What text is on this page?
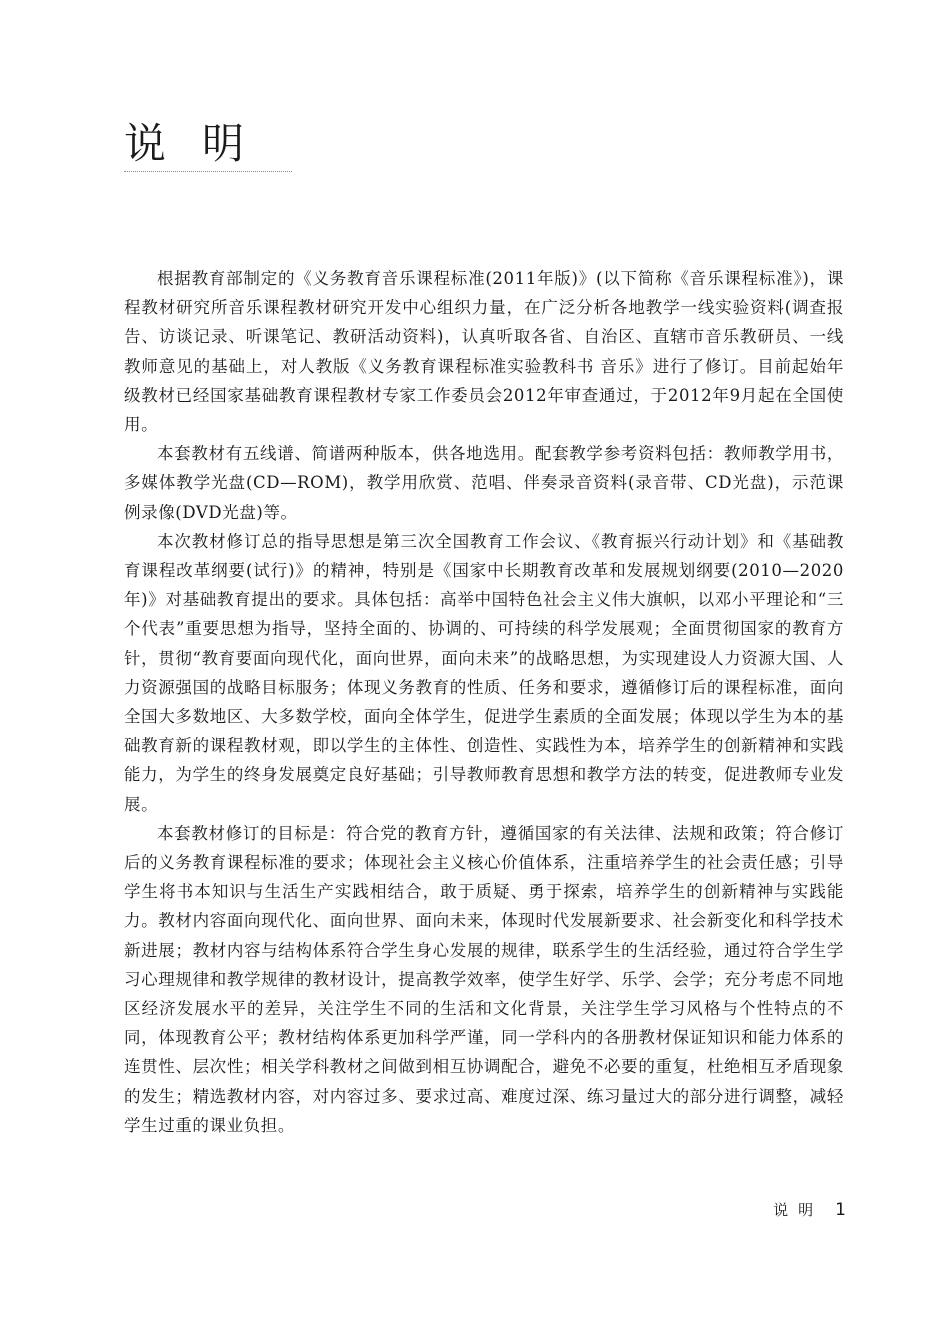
说明

根据教育部制定的《义务教育音乐课程标准(2011年版)》(以下简称《音乐课程标准》)，课程教材研究所音乐课程教材研究开发中心组织力量，在广泛分析各地教学一线实验资料(调查报告、访谈记录、听课笔记、教研活动资料)，认真听取各省、自治区、直辖市音乐教研员、一线教师意见的基础上，对人教版《义务教育课程标准实验教科书 音乐》进行了修订。目前起始年级教材已经国家基础教育课程教材专家工作委员会2012年审查通过，于2012年9月起在全国使用。

本套教材有五线谱、简谱两种版本，供各地选用。配套教学参考资料包括：教师教学用书，多媒体教学光盘(CD—ROM)，教学用欣赏、范唱、伴奏录音资料(录音带、CD光盘)，示范课例录像(DVD光盘)等。

本次教材修订总的指导思想是第三次全国教育工作会议、《教育振兴行动计划》和《基础教育课程改革纲要(试行)》的精神，特别是《国家中长期教育改革和发展规划纲要(2010—2020年)》对基础教育提出的要求。具体包括：高举中国特色社会主义伟大旗帜，以邓小平理论和“三个代表”重要思想为指导，坚持全面的、协调的、可持续的科学发展观；全面贯彻国家的教育方针，贯彻“教育要面向现代化，面向世界，面向未来”的战略思想，为实现建设人力资源大国、人力资源强国的战略目标服务；体现义务教育的性质、任务和要求，遵循修订后的课程标准，面向全国大多数地区、大多数学校，面向全体学生，促进学生素质的全面发展；体现以学生为本的基础教育新的课程教材观，即以学生的主体性、创造性、实践性为本，培养学生的创新精神和实践能力，为学生的终身发展奠定良好基础；引导教师教育思想和教学方法的转变，促进教师专业发展。

本套教材修订的目标是：符合党的教育方针，遵循国家的有关法律、法规和政策；符合修订后的义务教育课程标准的要求；体现社会主义核心价值体系，注重培养学生的社会责任感；引导学生将书本知识与生活生产实践相结合，敢于质疑、勇于探索，培养学生的创新精神与实践能力。教材内容面向现代化、面向世界、面向未来，体现时代发展新要求、社会新变化和科学技术新进展；教材内容与结构体系符合学生身心发展的规律，联系学生的生活经验，通过符合学生学习心理规律和教学规律的教材设计，提高教学效率，使学生好学、乐学、会学；充分考虑不同地区经济发展水平的差异，关注学生不同的生活和文化背景，关注学生学习风格与个性特点的不同，体现教育公平；教材结构体系更加科学严谨，同一学科内的各册教材保证知识和能力体系的连贯性、层次性；相关学科教材之间做到相互协调配合，避免不必要的重复，杜绝相互矛盾现象的发生；精选教材内容，对内容过多、要求过高、难度过深、练习量过大的部分进行调整，减轻学生过重的课业负担。

说明 1
